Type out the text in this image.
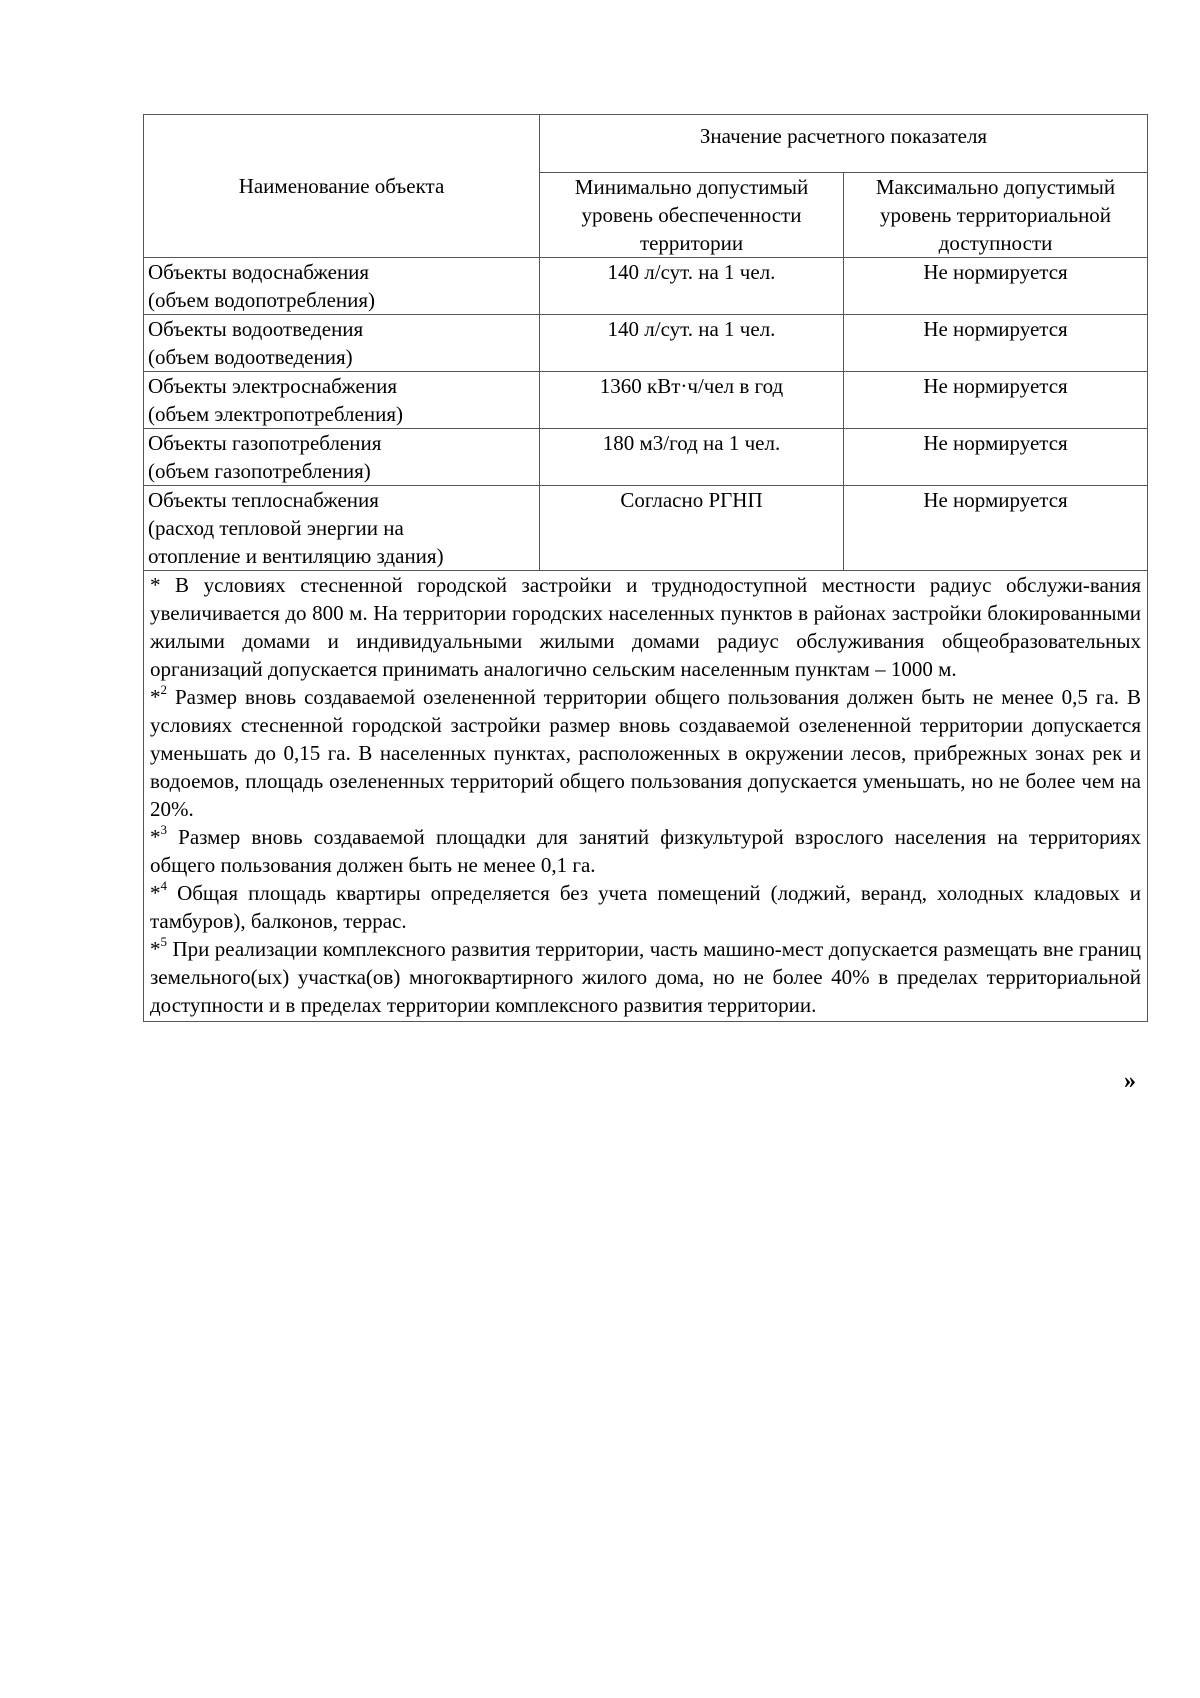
Наименование объекта	Значение расчетного показателя	
	Минимально допустимый уровень обеспеченности территории	Максимально допустимый уровень территориальной доступности

Объекты водоснабжения
(объем водопотребления)	140 л/сут. на 1 чел.	Не нормируется

Объекты водоотведения
(объем водоотведения)	140 л/сут. на 1 чел.	Не нормируется

Объекты электроснабжения
(объем электропотребления)	1360 кВт·ч/чел в год	Не нормируется

Объекты газопотребления
(объем газопотребления)	180 м3/год на 1 чел.	Не нормируется

Объекты теплоснабжения
(расход тепловой энергии на
отопление и вентиляцию здания)	Согласно РГНП	Не нормируется

* В условиях стесненной городской застройки и труднодоступной местности радиус обслужи-вания увеличивается до 800 м. На территории городских населенных пунктов в районах застройки блокированными жилыми домами и индивидуальными жилыми домами радиус обслуживания общеобразовательных организаций допускается принимать аналогично сельским населенным пунктам – 1000 м.

*$^2$ Размер вновь создаваемой озелененной территории общего пользования должен быть не менее 0,5 га. В условиях стесненной городской застройки размер вновь создаваемой озелененной территории допускается уменьшать до 0,15 га. В населенных пунктах, расположенных в окружении лесов, прибрежных зонах рек и водоемов, площадь озелененных территорий общего пользования допускается уменьшать, но не более чем на 20%.

*$^3$ Размер вновь создаваемой площадки для занятий физкультурой взрослого населения на территориях общего пользования должен быть не менее 0,1 га.

*$^4$ Общая площадь квартиры определяется без учета помещений (лоджий, веранд, холодных кладовых и тамбуров), балконов, террас.

*$^5$ При реализации комплексного развития территории, часть машино-мест допускается размещать вне границ земельного(ых) участка(ов) многоквартирного жилого дома, но не более 40% в пределах территориальной доступности и в пределах территории комплексного развития территории.		

»
